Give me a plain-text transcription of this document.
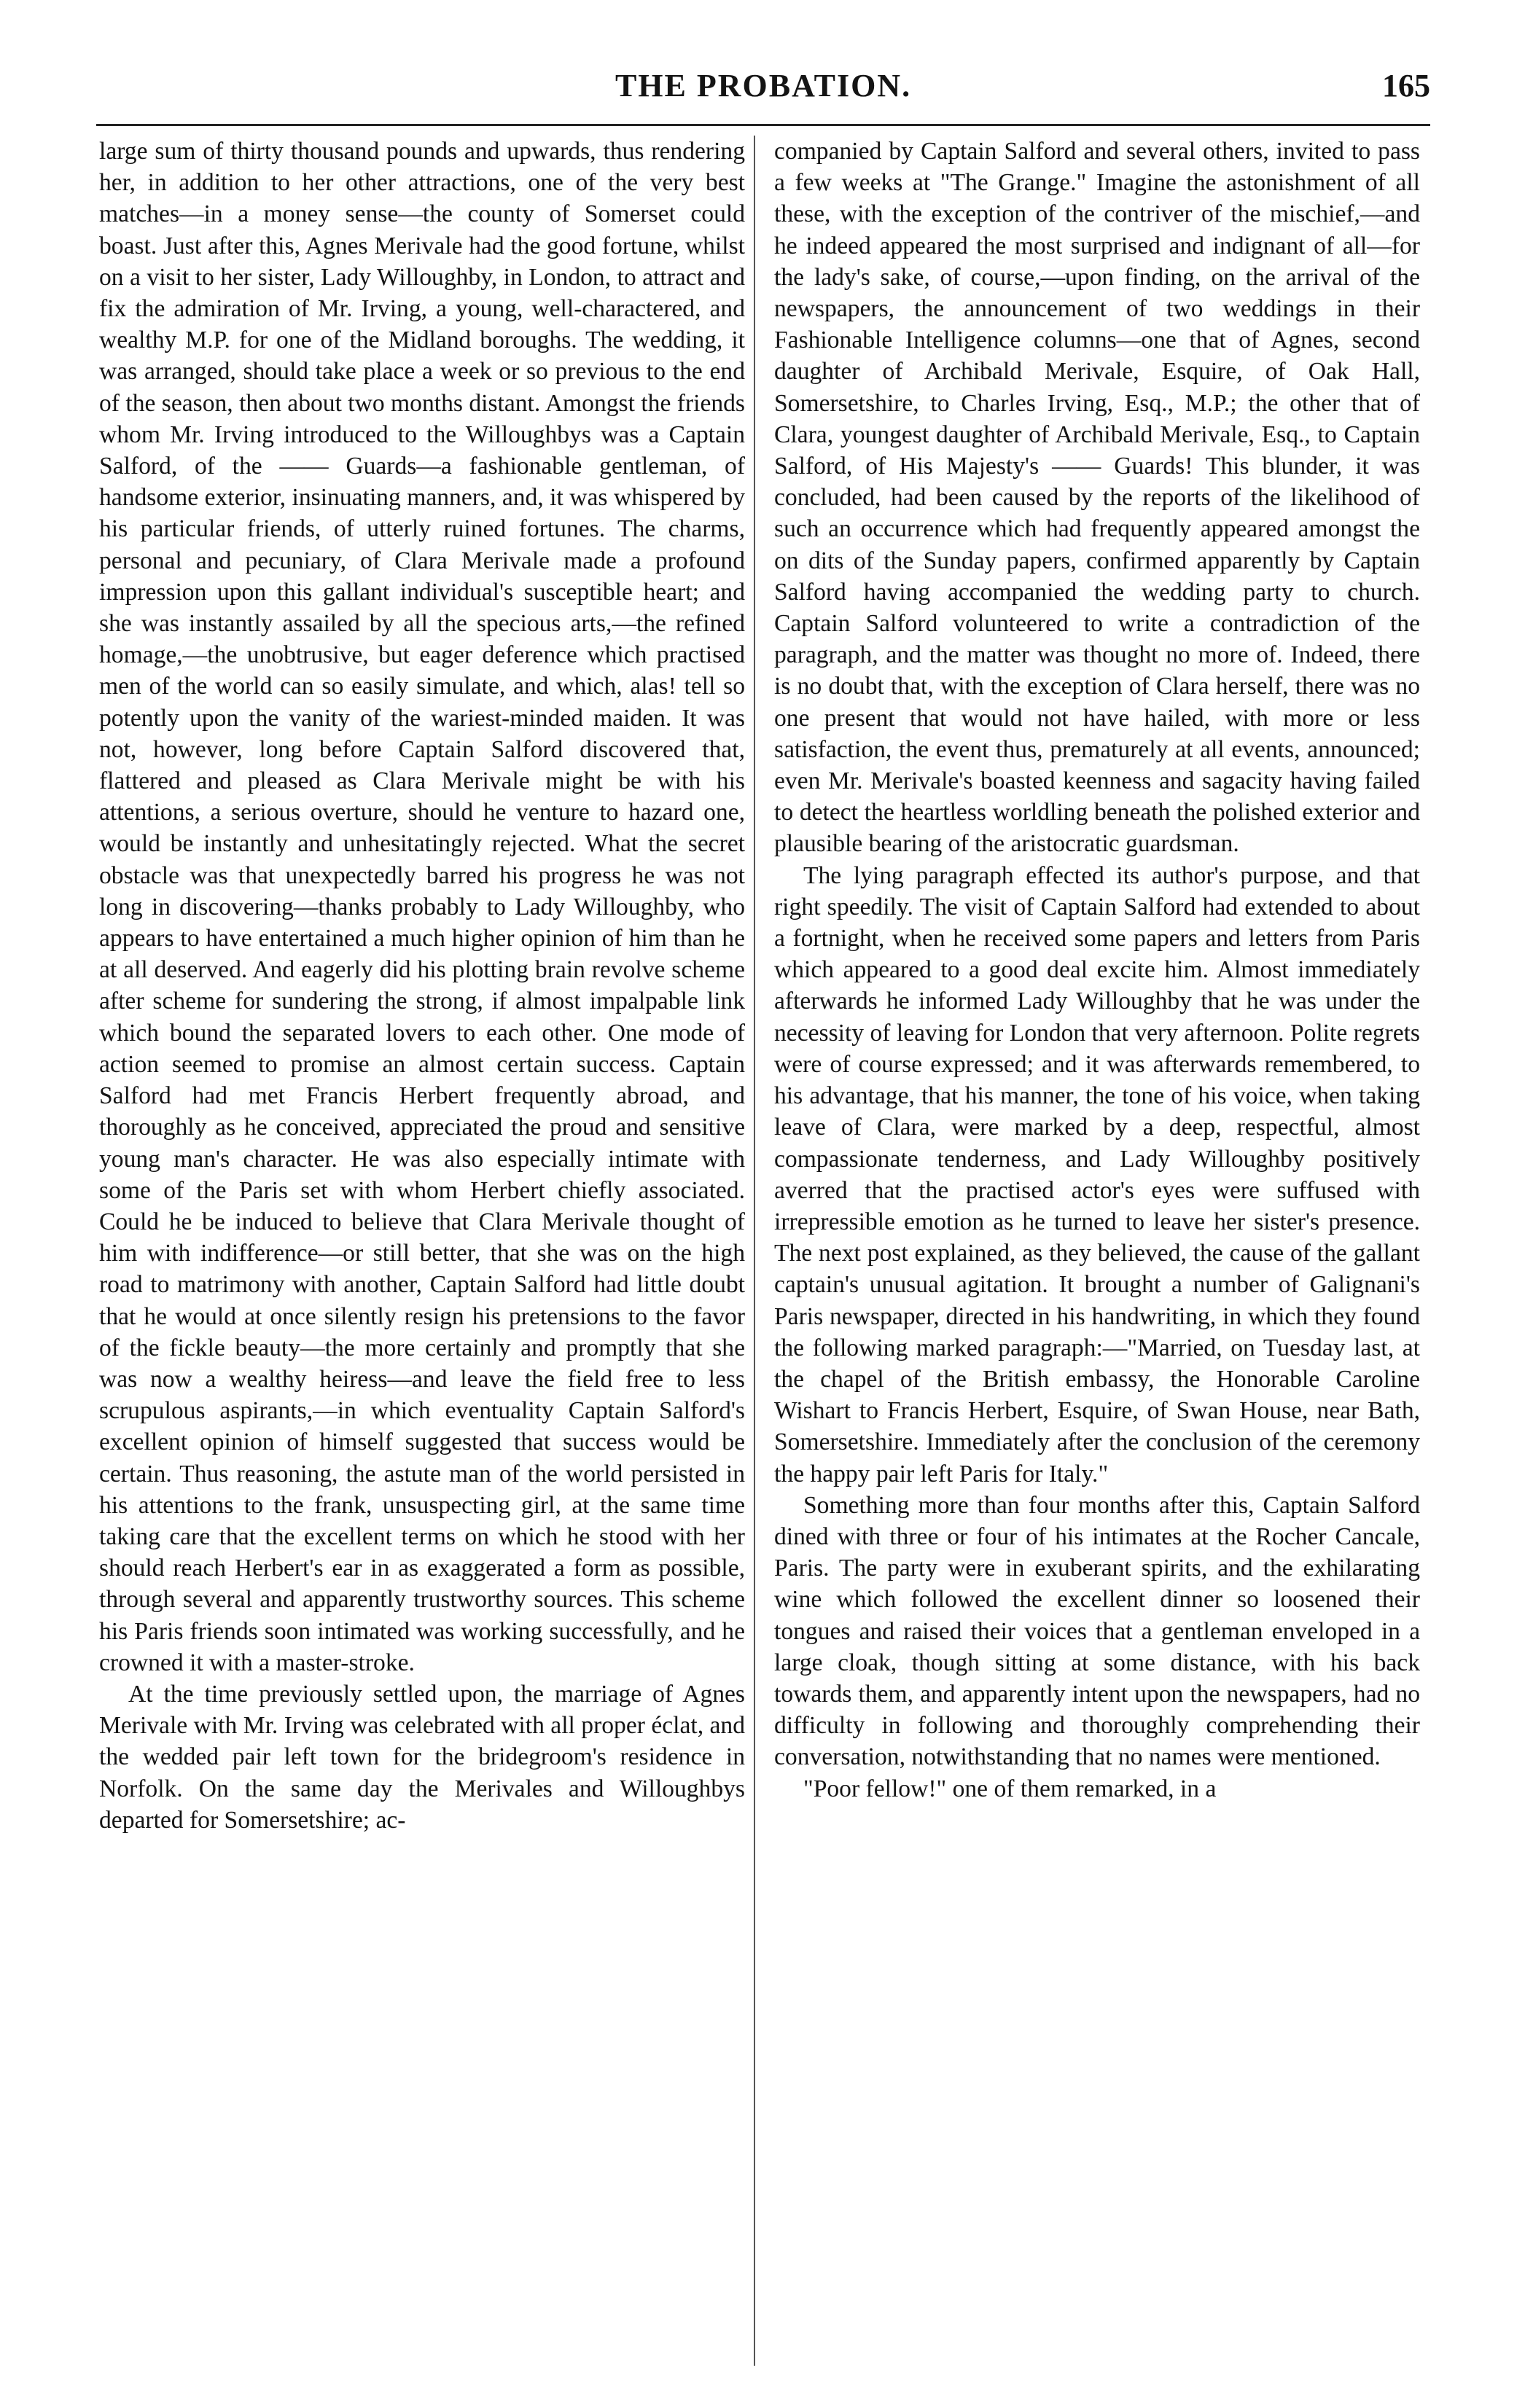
THE PROBATION.	165

large sum of thirty thousand pounds and upwards, thus rendering her, in addition to her other attractions, one of the very best matches—in a money sense—the county of Somerset could boast. Just after this, Agnes Merivale had the good fortune, whilst on a visit to her sister, Lady Willoughby, in London, to attract and fix the admiration of Mr. Irving, a young, well-charactered, and wealthy M.P. for one of the Midland boroughs. The wedding, it was arranged, should take place a week or so previous to the end of the season, then about two months distant. Amongst the friends whom Mr. Irving introduced to the Willoughbys was a Captain Salford, of the —— Guards—a fashionable gentleman, of handsome exterior, insinuating manners, and, it was whispered by his particular friends, of utterly ruined fortunes. The charms, personal and pecuniary, of Clara Merivale made a profound impression upon this gallant individual's susceptible heart; and she was instantly assailed by all the specious arts,—the refined homage,—the unobtrusive, but eager deference which practised men of the world can so easily simulate, and which, alas! tell so potently upon the vanity of the wariest-minded maiden. It was not, however, long before Captain Salford discovered that, flattered and pleased as Clara Merivale might be with his attentions, a serious overture, should he venture to hazard one, would be instantly and unhesitatingly rejected. What the secret obstacle was that unexpectedly barred his progress he was not long in discovering—thanks probably to Lady Willoughby, who appears to have entertained a much higher opinion of him than he at all deserved. And eagerly did his plotting brain revolve scheme after scheme for sundering the strong, if almost impalpable link which bound the separated lovers to each other. One mode of action seemed to promise an almost certain success. Captain Salford had met Francis Herbert frequently abroad, and thoroughly as he conceived, appreciated the proud and sensitive young man's character. He was also especially intimate with some of the Paris set with whom Herbert chiefly associated. Could he be induced to believe that Clara Merivale thought of him with indifference—or still better, that she was on the high road to matrimony with another, Captain Salford had little doubt that he would at once silently resign his pretensions to the favor of the fickle beauty—the more certainly and promptly that she was now a wealthy heiress—and leave the field free to less scrupulous aspirants,—in which eventuality Captain Salford's excellent opinion of himself suggested that success would be certain. Thus reasoning, the astute man of the world persisted in his attentions to the frank, unsuspecting girl, at the same time taking care that the excellent terms on which he stood with her should reach Herbert's ear in as exaggerated a form as possible, through several and apparently trustworthy sources. This scheme his Paris friends soon intimated was working successfully, and he crowned it with a master-stroke.

At the time previously settled upon, the marriage of Agnes Merivale with Mr. Irving was celebrated with all proper éclat, and the wedded pair left town for the bridegroom's residence in Norfolk. On the same day the Merivales and Willoughbys departed for Somersetshire; ac-

companied by Captain Salford and several others, invited to pass a few weeks at "The Grange." Imagine the astonishment of all these, with the exception of the contriver of the mischief,—and he indeed appeared the most surprised and indignant of all—for the lady's sake, of course,—upon finding, on the arrival of the newspapers, the announcement of two weddings in their Fashionable Intelligence columns—one that of Agnes, second daughter of Archibald Merivale, Esquire, of Oak Hall, Somersetshire, to Charles Irving, Esq., M.P.; the other that of Clara, youngest daughter of Archibald Merivale, Esq., to Captain Salford, of His Majesty's —— Guards! This blunder, it was concluded, had been caused by the reports of the likelihood of such an occurrence which had frequently appeared amongst the on dits of the Sunday papers, confirmed apparently by Captain Salford having accompanied the wedding party to church. Captain Salford volunteered to write a contradiction of the paragraph, and the matter was thought no more of. Indeed, there is no doubt that, with the exception of Clara herself, there was no one present that would not have hailed, with more or less satisfaction, the event thus, prematurely at all events, announced; even Mr. Merivale's boasted keenness and sagacity having failed to detect the heartless worldling beneath the polished exterior and plausible bearing of the aristocratic guardsman.

The lying paragraph effected its author's purpose, and that right speedily. The visit of Captain Salford had extended to about a fortnight, when he received some papers and letters from Paris which appeared to a good deal excite him. Almost immediately afterwards he informed Lady Willoughby that he was under the necessity of leaving for London that very afternoon. Polite regrets were of course expressed; and it was afterwards remembered, to his advantage, that his manner, the tone of his voice, when taking leave of Clara, were marked by a deep, respectful, almost compassionate tenderness, and Lady Willoughby positively averred that the practised actor's eyes were suffused with irrepressible emotion as he turned to leave her sister's presence. The next post explained, as they believed, the cause of the gallant captain's unusual agitation. It brought a number of Galignani's Paris newspaper, directed in his handwriting, in which they found the following marked paragraph:—"Married, on Tuesday last, at the chapel of the British embassy, the Honorable Caroline Wishart to Francis Herbert, Esquire, of Swan House, near Bath, Somersetshire. Immediately after the conclusion of the ceremony the happy pair left Paris for Italy."

Something more than four months after this, Captain Salford dined with three or four of his intimates at the Rocher Cancale, Paris. The party were in exuberant spirits, and the exhilarating wine which followed the excellent dinner so loosened their tongues and raised their voices that a gentleman enveloped in a large cloak, though sitting at some distance, with his back towards them, and apparently intent upon the newspapers, had no difficulty in following and thoroughly comprehending their conversation, notwithstanding that no names were mentioned.

"Poor fellow!" one of them remarked, in a
